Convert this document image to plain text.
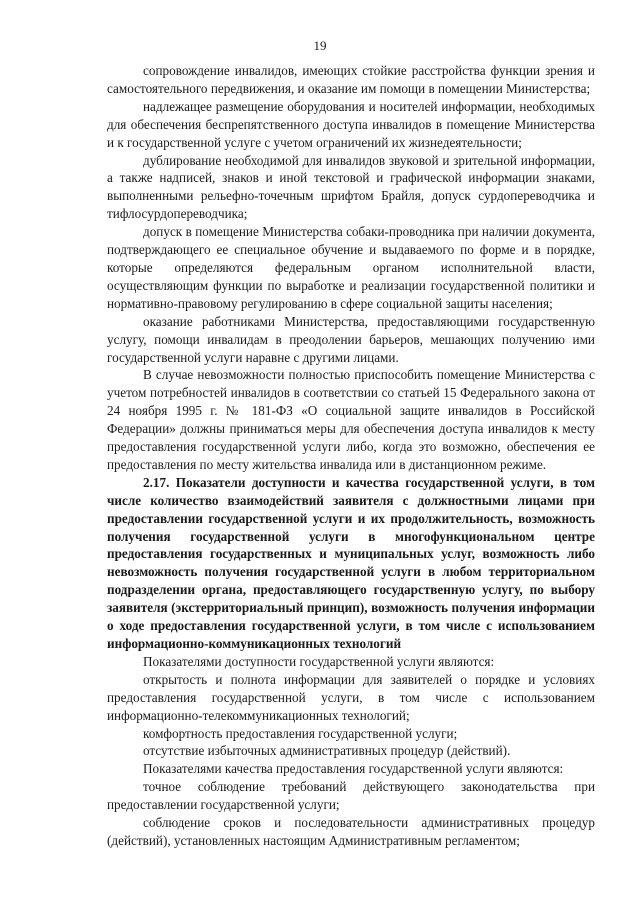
19

сопровождение инвалидов, имеющих стойкие расстройства функции зрения и самостоятельного передвижения, и оказание им помощи в помещении Министерства;

надлежащее размещение оборудования и носителей информации, необходимых для обеспечения беспрепятственного доступа инвалидов в помещение Министерства и к государственной услуге с учетом ограничений их жизнедеятельности;

дублирование необходимой для инвалидов звуковой и зрительной информации, а также надписей, знаков и иной текстовой и графической информации знаками, выполненными рельефно-точечным шрифтом Брайля, допуск сурдопереводчика и тифлосурдопереводчика;

допуск в помещение Министерства собаки-проводника при наличии документа, подтверждающего ее специальное обучение и выдаваемого по форме и в порядке, которые определяются федеральным органом исполнительной власти, осуществляющим функции по выработке и реализации государственной политики и нормативно-правовому регулированию в сфере социальной защиты населения;

оказание работниками Министерства, предоставляющими государственную услугу, помощи инвалидам в преодолении барьеров, мешающих получению ими государственной услуги наравне с другими лицами.

В случае невозможности полностью приспособить помещение Министерства с учетом потребностей инвалидов в соответствии со статьей 15 Федерального закона от 24 ноября 1995 г. № 181-ФЗ «О социальной защите инвалидов в Российской Федерации» должны приниматься меры для обеспечения доступа инвалидов к месту предоставления государственной услуги либо, когда это возможно, обеспечения ее предоставления по месту жительства инвалида или в дистанционном режиме.

2.17. Показатели доступности и качества государственной услуги, в том числе количество взаимодействий заявителя с должностными лицами при предоставлении государственной услуги и их продолжительность, возможность получения государственной услуги в многофункциональном центре предоставления государственных и муниципальных услуг, возможность либо невозможность получения государственной услуги в любом территориальном подразделении органа, предоставляющего государственную услугу, по выбору заявителя (экстерриториальный принцип), возможность получения информации о ходе предоставления государственной услуги, в том числе с использованием информационно-коммуникационных технологий

Показателями доступности государственной услуги являются:

открытость и полнота информации для заявителей о порядке и условиях предоставления государственной услуги, в том числе с использованием информационно-телекоммуникационных технологий;

комфортность предоставления государственной услуги;

отсутствие избыточных административных процедур (действий).

Показателями качества предоставления государственной услуги являются:

точное соблюдение требований действующего законодательства при предоставлении государственной услуги;

соблюдение сроков и последовательности административных процедур (действий), установленных настоящим Административным регламентом;
